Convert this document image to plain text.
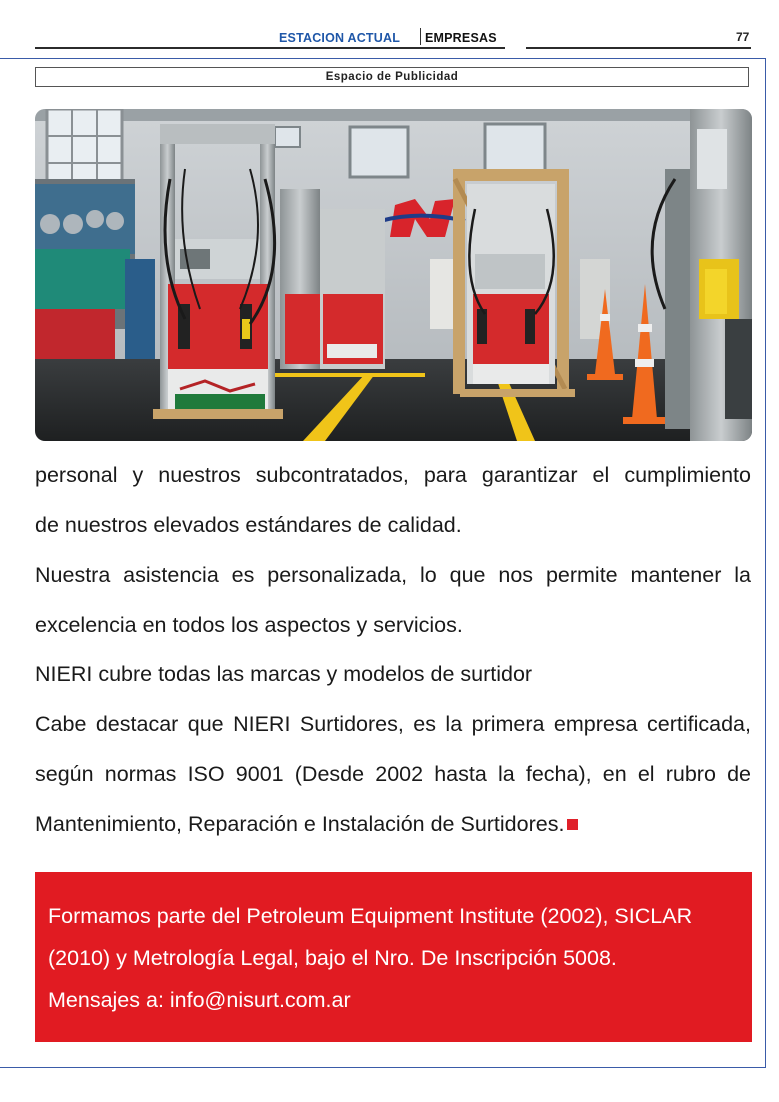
ESTACION ACTUAL EMPRESAS	77
Espacio de Publicidad
personal y nuestros subcontratados, para garantizar el cumplimiento
de nuestros elevados estándares de calidad.
Nuestra asistencia es personalizada, lo que nos permite mantener la
excelencia en todos los aspectos y servicios.
NIERI cubre todas las marcas y modelos de surtidor
Cabe destacar que NIERI Surtidores, es la primera empresa certificada,
según normas ISO 9001 (Desde 2002 hasta la fecha), en el rubro de
Mantenimiento, Reparación e Instalación de Surtidores.
Formamos parte del Petroleum Equipment Institute (2002), SICLAR
(2010) y Metrología Legal, bajo el Nro. De Inscripción 5008.
Mensajes a: info@nisurt.com.ar
